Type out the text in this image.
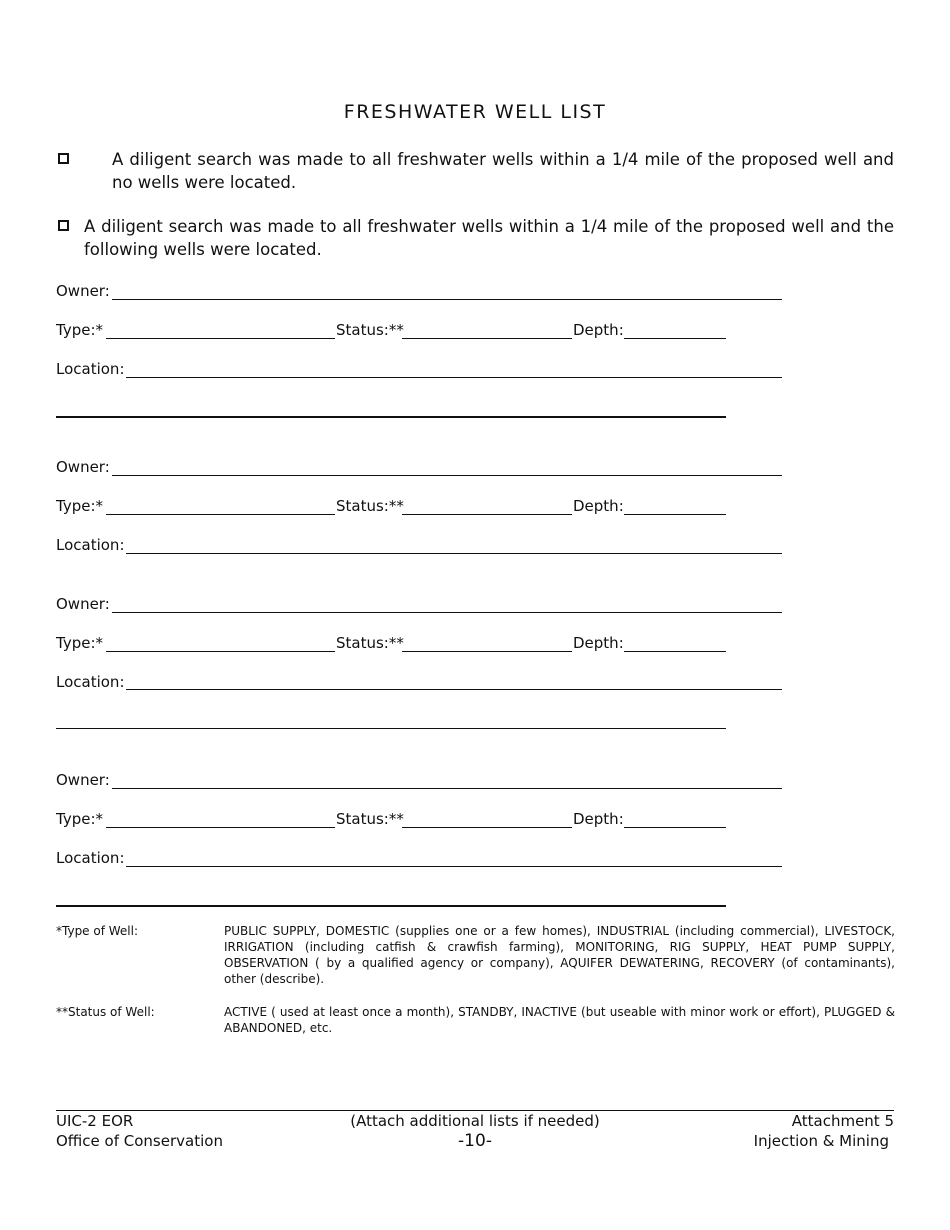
FRESHWATER WELL LIST
A diligent search was made to all freshwater wells within a 1/4 mile of the proposed well and no wells were located.
A diligent search was made to all freshwater wells within a 1/4 mile of the proposed well and the following wells were located.
Owner:
Type:*	Status:**	Depth:
Location:
Owner:
Type:*	Status:**	Depth:
Location:
Owner:
Type:*	Status:**	Depth:
Location:
Owner:
Type:*	Status:**	Depth:
Location:
*Type of Well:	PUBLIC SUPPLY, DOMESTIC (supplies one or a few homes), INDUSTRIAL (including commercial), LIVESTOCK, IRRIGATION (including catfish & crawfish farming), MONITORING, RIG SUPPLY, HEAT PUMP SUPPLY, OBSERVATION ( by a qualified agency or company), AQUIFER DEWATERING, RECOVERY (of contaminants), other (describe).
**Status of Well:	ACTIVE ( used at least once a month), STANDBY, INACTIVE (but useable with minor work or effort), PLUGGED & ABANDONED, etc.
UIC-2 EOR
Office of Conservation
(Attach additional lists if needed)
-10-
Attachment 5
Injection & Mining
